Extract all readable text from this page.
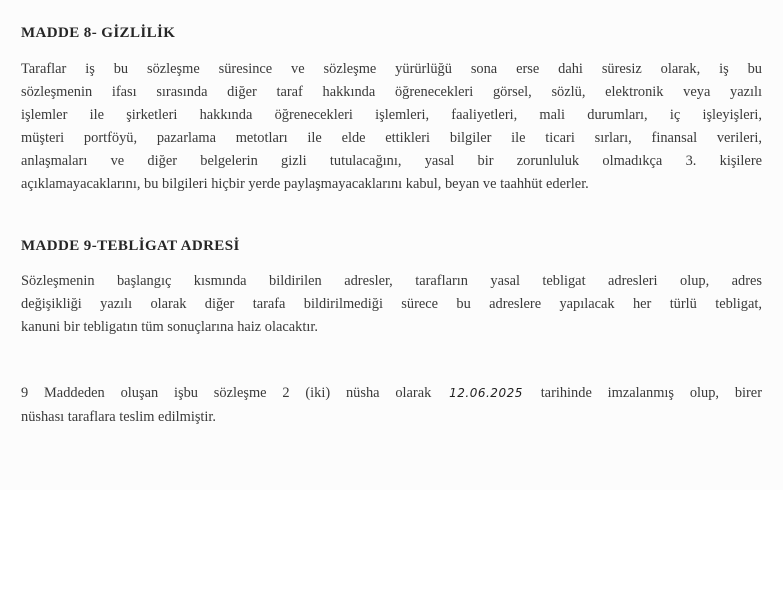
MADDE 8- GİZLİLİK
Taraflar iş bu sözleşme süresince ve sözleşme yürürlüğü sona erse dahi süresiz olarak, iş bu
sözleşmenin ifası sırasında diğer taraf hakkında öğrenecekleri görsel, sözlü, elektronik veya yazılı
işlemler ile şirketleri hakkında öğrenecekleri işlemleri, faaliyetleri, mali durumları, iç işleyişleri,
müşteri portföyü, pazarlama metotları ile elde ettikleri bilgiler ile ticari sırları, finansal verileri,
anlaşmaları ve diğer belgelerin gizli tutulacağını, yasal bir zorunluluk olmadıkça 3. kişilere
açıklamayacaklarını, bu bilgileri hiçbir yerde paylaşmayacaklarını kabul, beyan ve taahhüt ederler.
MADDE 9-TEBLİGAT ADRESİ
Sözleşmenin başlangıç kısmında bildirilen adresler, tarafların yasal tebligat adresleri olup, adres
değişikliği yazılı olarak diğer tarafa bildirilmediği sürece bu adreslere yapılacak her türlü tebligat,
kanuni bir tebligatın tüm sonuçlarına haiz olacaktır.
9 Maddeden oluşan işbu sözleşme 2 (iki) nüsha olarak 12.06.2025 tarihinde imzalanmış olup, birer
nüshası taraflara teslim edilmiştir.
